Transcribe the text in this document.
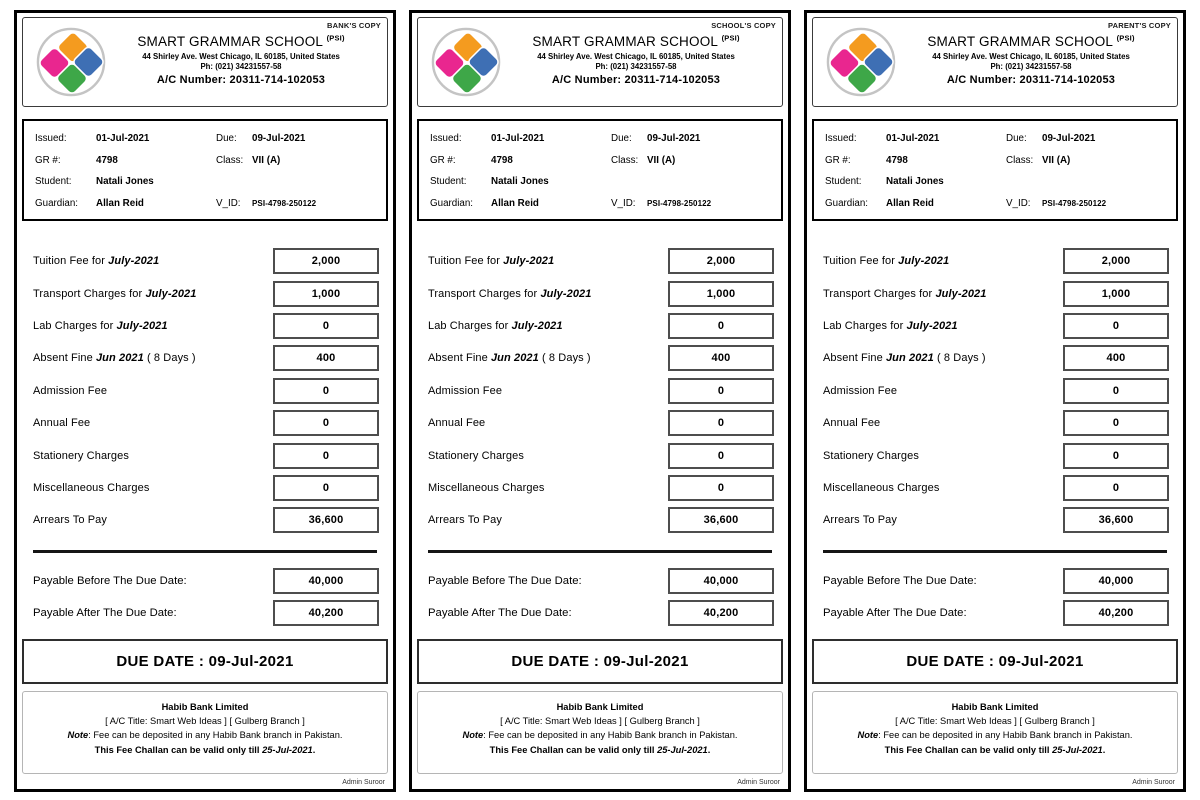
BANK'S COPY
SMART GRAMMAR SCHOOL $^{(PSI)}$
44 Shirley Ave. West Chicago, IL 60185, United States
Ph: (021) 34231557-58
A/C Number: 20311-714-102053
Issued:	01-Jul-2021	Due:	09-Jul-2021
GR #:	4798	Class: VII (A)
Student:	Natali Jones
Guardian:	Allan Reid	V_ID:	PSI-4798-250122
Tuition Fee for July-2021	2,000
Transport Charges for July-2021	1,000
Lab Charges for July-2021	0
Absent Fine Jun 2021 ( 8 Days )	400
Admission Fee	0
Annual Fee	0
Stationery Charges	0
Miscellaneous Charges	0
Arrears To Pay	36,600
Payable Before The Due Date:	40,000
Payable After The Due Date:	40,200
DUE DATE : 09-Jul-2021
Habib Bank Limited
[ A/C Title: Smart Web Ideas ] [ Gulberg Branch ]
Note: Fee can be deposited in any Habib Bank branch in Pakistan.
This Fee Challan can be valid only till 25-Jul-2021.
Admin Suroor
SCHOOL'S COPY
SMART GRAMMAR SCHOOL $^{(PSI)}$
44 Shirley Ave. West Chicago, IL 60185, United States
Ph: (021) 34231557-58
A/C Number: 20311-714-102053
Issued:	01-Jul-2021	Due:	09-Jul-2021
GR #:	4798	Class: VII (A)
Student:	Natali Jones
Guardian:	Allan Reid	V_ID:	PSI-4798-250122
Tuition Fee for July-2021	2,000
Transport Charges for July-2021	1,000
Lab Charges for July-2021	0
Absent Fine Jun 2021 ( 8 Days )	400
Admission Fee	0
Annual Fee	0
Stationery Charges	0
Miscellaneous Charges	0
Arrears To Pay	36,600
Payable Before The Due Date:	40,000
Payable After The Due Date:	40,200
DUE DATE : 09-Jul-2021
Habib Bank Limited
[ A/C Title: Smart Web Ideas ] [ Gulberg Branch ]
Note: Fee can be deposited in any Habib Bank branch in Pakistan.
This Fee Challan can be valid only till 25-Jul-2021.
Admin Suroor
PARENT'S COPY
SMART GRAMMAR SCHOOL $^{(PSI)}$
44 Shirley Ave. West Chicago, IL 60185, United States
Ph: (021) 34231557-58
A/C Number: 20311-714-102053
Issued:	01-Jul-2021	Due:	09-Jul-2021
GR #:	4798	Class: VII (A)
Student:	Natali Jones
Guardian:	Allan Reid	V_ID:	PSI-4798-250122
Tuition Fee for July-2021	2,000
Transport Charges for July-2021	1,000
Lab Charges for July-2021	0
Absent Fine Jun 2021 ( 8 Days )	400
Admission Fee	0
Annual Fee	0
Stationery Charges	0
Miscellaneous Charges	0
Arrears To Pay	36,600
Payable Before The Due Date:	40,000
Payable After The Due Date:	40,200
DUE DATE : 09-Jul-2021
Habib Bank Limited
[ A/C Title: Smart Web Ideas ] [ Gulberg Branch ]
Note: Fee can be deposited in any Habib Bank branch in Pakistan.
This Fee Challan can be valid only till 25-Jul-2021.
Admin Suroor
